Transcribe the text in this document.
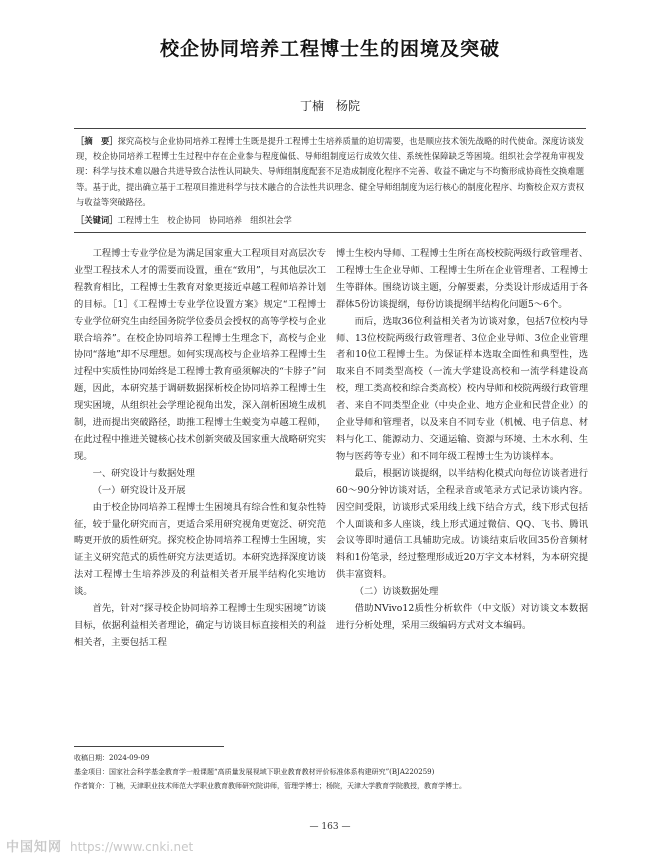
校企协同培养工程博士生的困境及突破
丁楠　杨院
［摘　要］探究高校与企业协同培养工程博士生既是提升工程博士生培养质量的迫切需要，也是顺应技术领先战略的时代使命。深度访谈发现，校企协同培养工程博士生过程中存在企业参与程度偏低、导师组制度运行成效欠佳、系统性保障缺乏等困境。组织社会学视角审视发现：科学与技术难以融合共进导致合法性认同缺失、导师组制度配套不足造成制度化程序不完善、收益不确定与不均衡形成协商性交换难题等。基于此，提出确立基于工程项目推进科学与技术融合的合法性共识理念、健全导师组制度为运行核心的制度化程序、均衡校企双方责权与收益等突破路径。
［关键词］工程博士生　校企协同　协同培养　组织社会学

工程博士专业学位是为满足国家重大工程项目对高层次专业型工程技术人才的需要而设置，重在“致用”，与其他层次工程教育相比，工程博士生教育对象更接近卓越工程师培养计划的目标。［1］《工程博士专业学位设置方案》规定“工程博士专业学位研究生由经国务院学位委员会授权的高等学校与企业联合培养”。在校企协同培养工程博士生理念下，高校与企业协同“落地”却不尽理想。如何实现高校与企业培养工程博士生过程中实质性协同始终是工程博士教育亟须解决的“卡脖子”问题，因此，本研究基于调研数据探析校企协同培养工程博士生现实困境，从组织社会学理论视角出发，深入剖析困境生成机制，进而提出突破路径，助推工程博士生蜕变为卓越工程师，在此过程中推进关键核心技术创新突破及国家重大战略研究实现。

一、研究设计与数据处理
（一）研究设计及开展

由于校企协同培养工程博士生困境具有综合性和复杂性特征，较于量化研究而言，更适合采用研究视角更宽泛、研究范畴更开放的质性研究。探究校企协同培养工程博士生困境，实证主义研究范式的质性研究方法更适切。本研究选择深度访谈法对工程博士生培养涉及的利益相关者开展半结构化实地访谈。

首先，针对“探寻校企协同培养工程博士生现实困境”访谈目标，依据利益相关者理论，确定与访谈目标直接相关的利益相关者，主要包括工程

博士生校内导师、工程博士生所在高校校院两级行政管理者、工程博士生企业导师、工程博士生所在企业管理者、工程博士生等群体。围绕访谈主题，分解要素，分类设计形成适用于各群体5份访谈提纲，每份访谈提纲半结构化问题5～6个。

而后，选取36位利益相关者为访谈对象，包括7位校内导师、13位校院两级行政管理者、3位企业导师、3位企业管理者和10位工程博士生。为保证样本选取全面性和典型性，选取来自不同类型高校（一流大学建设高校和一流学科建设高校，理工类高校和综合类高校）校内导师和校院两级行政管理者、来自不同类型企业（中央企业、地方企业和民营企业）的企业导师和管理者，以及来自不同专业（机械、电子信息、材料与化工、能源动力、交通运输、资源与环境、土木水利、生物与医药等专业）和不同年级工程博士生为访谈样本。

最后，根据访谈提纲，以半结构化模式向每位访谈者进行60～90分钟访谈对话，全程录音或笔录方式记录访谈内容。因空间受限，访谈形式采用线上线下结合方式，线下形式包括个人面谈和多人座谈，线上形式通过微信、QQ、飞书、腾讯会议等即时通信工具辅助完成。访谈结束后收回35份音频材料和1份笔录，经过整理形成近20万字文本材料，为本研究提供丰富资料。

（二）访谈数据处理

借助NVivo12质性分析软件（中文版）对访谈文本数据进行分析处理，采用三级编码方式对文本编码。

收稿日期：2024-09-09
基金项目：国家社会科学基金教育学一般课题“高质量发展视域下职业教育教材评价标准体系构建研究”(BJA220259)
作者简介：丁楠，天津职业技术师范大学职业教育教师研究院讲师，管理学博士；杨院，天津大学教育学院教授，教育学博士。
— 163 —
中国知网 https://www.cnki.net
